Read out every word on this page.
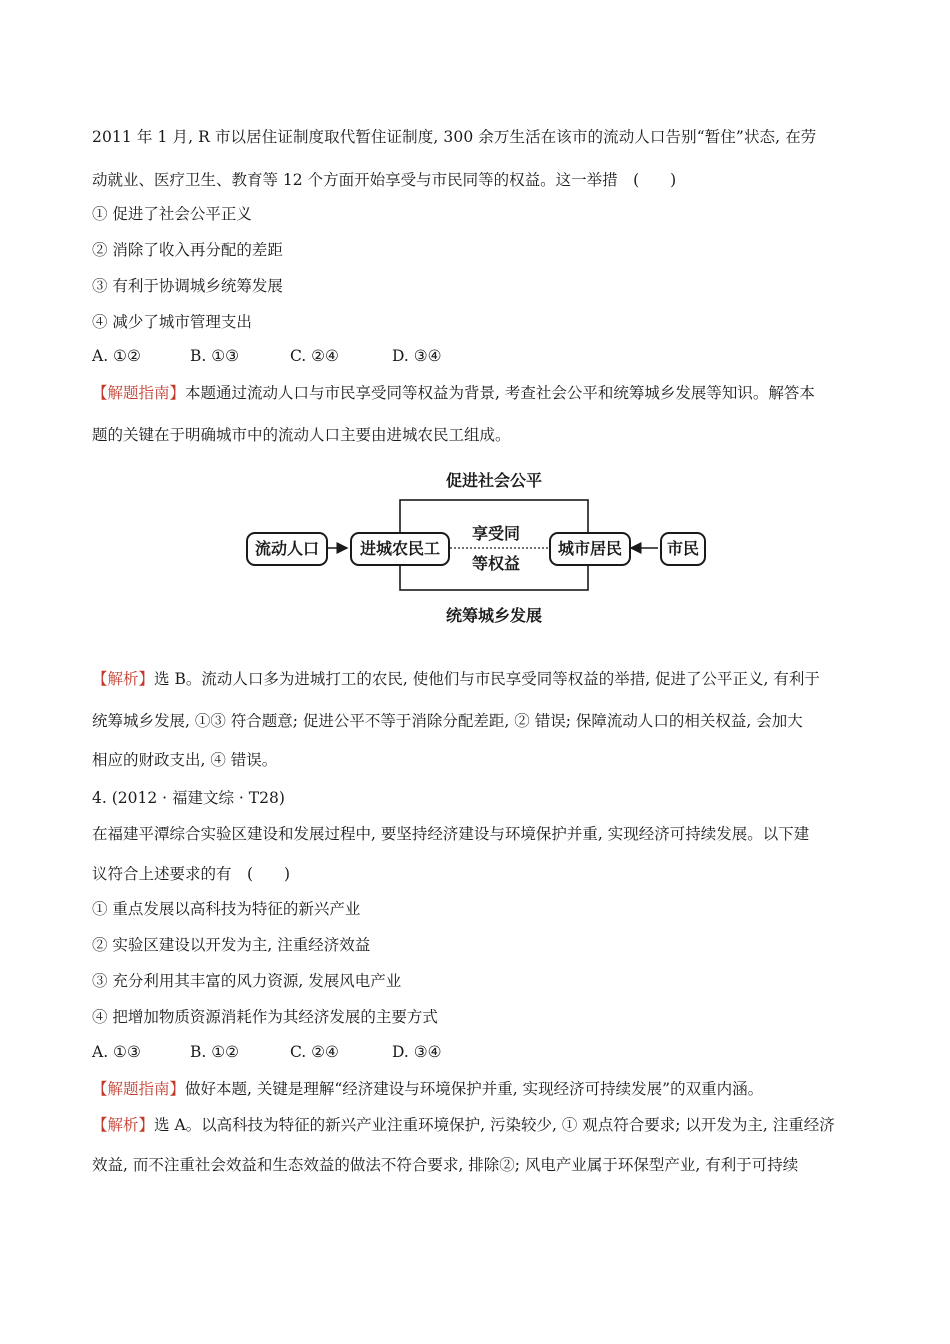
2011 年 1 月, R 市以居住证制度取代暂住证制度, 300 余万生活在该市的流动人口告别“暂住”状态, 在劳
动就业、医疗卫生、教育等 12 个方面开始享受与市民同等的权益。这一举措　(　　)
① 促进了社会公平正义
② 消除了收入再分配的差距
③ 有利于协调城乡统筹发展
④ 减少了城市管理支出
A. ①②	B. ①③	C. ②④	D. ③④
【解题指南】本题通过流动人口与市民享受同等权益为背景, 考查社会公平和统筹城乡发展等知识。解答本
题的关键在于明确城市中的流动人口主要由进城农民工组成。
促进社会公平
统筹城乡发展
流动人口	进城农民工
享受同
等权益
城市居民	市民
【解析】选 B。流动人口多为进城打工的农民, 使他们与市民享受同等权益的举措, 促进了公平正义, 有利于
统筹城乡发展, ①③ 符合题意; 促进公平不等于消除分配差距, ② 错误; 保障流动人口的相关权益, 会加大
相应的财政支出, ④ 错误。
4. (2012 · 福建文综 · T28)
在福建平潭综合实验区建设和发展过程中, 要坚持经济建设与环境保护并重, 实现经济可持续发展。以下建
议符合上述要求的有　(　　)
① 重点发展以高科技为特征的新兴产业
② 实验区建设以开发为主, 注重经济效益
③ 充分利用其丰富的风力资源, 发展风电产业
④ 把增加物质资源消耗作为其经济发展的主要方式
A. ①③	B. ①②	C. ②④	D. ③④
【解题指南】做好本题, 关键是理解“经济建设与环境保护并重, 实现经济可持续发展”的双重内涵。
【解析】选 A。以高科技为特征的新兴产业注重环境保护, 污染较少, ① 观点符合要求; 以开发为主, 注重经济
效益, 而不注重社会效益和生态效益的做法不符合要求, 排除②; 风电产业属于环保型产业, 有利于可持续
